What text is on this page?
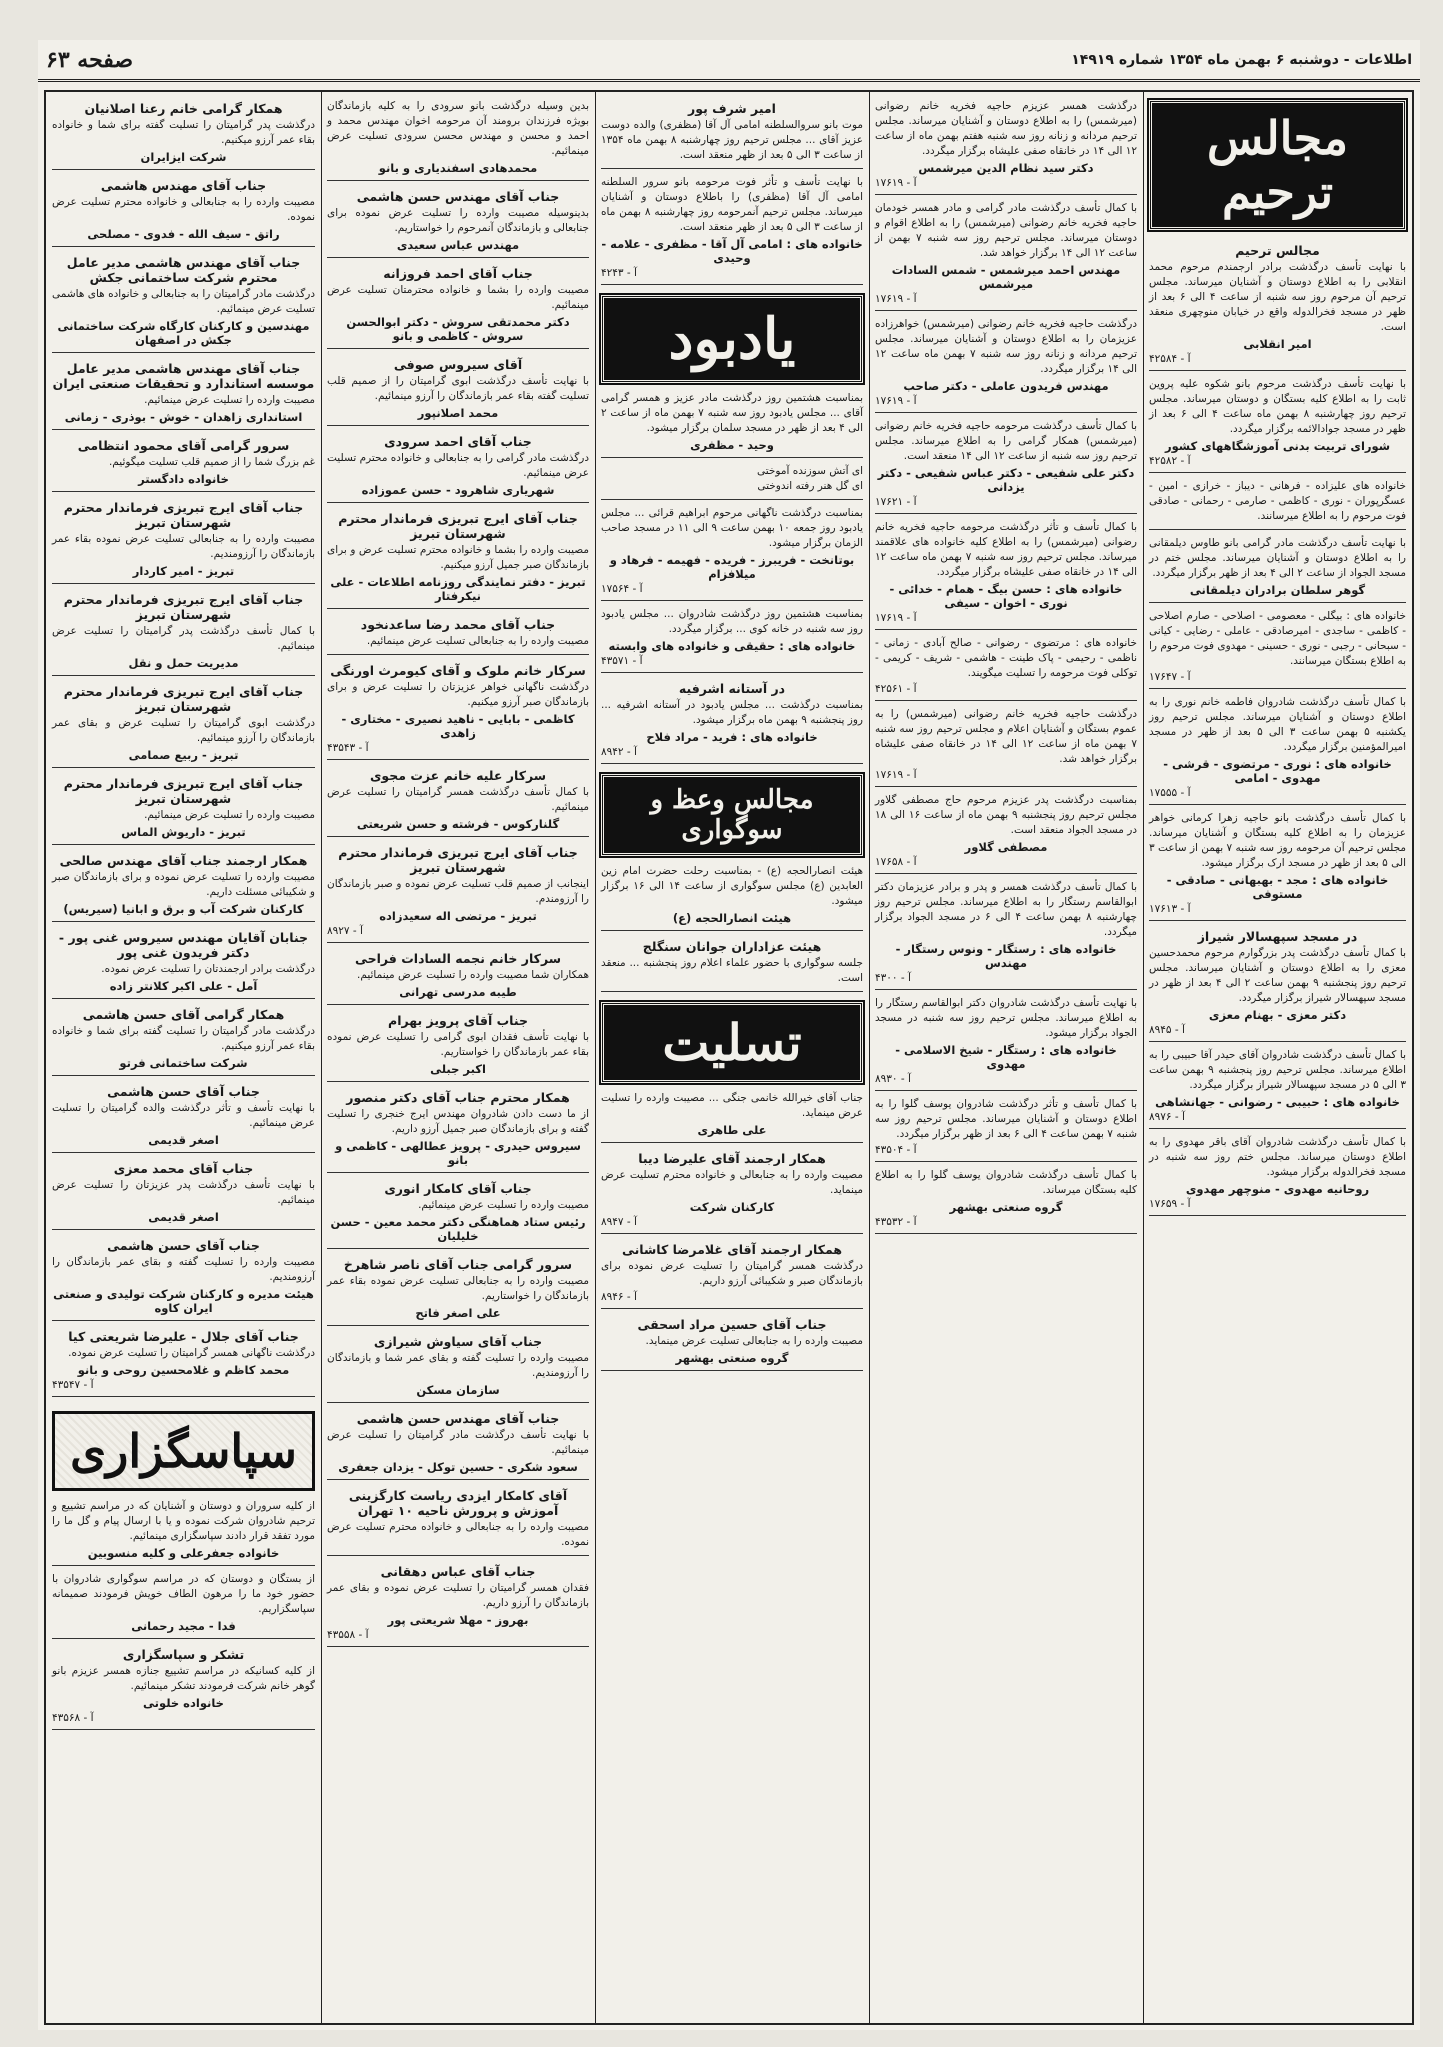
اطلاعات - دوشنبه ۶ بهمن ماه ۱۳۵۴ شماره ۱۴۹۱۹
صفحه ۶۳
مجالس ترحیم
مجالس ترحیم

با نهایت تأسف درگذشت برادر ارجمندم مرحوم محمد انقلابی را به اطلاع دوستان و آشنایان میرساند. مجلس ترحیم آن مرحوم روز سه شنبه از ساعت ۴ الی ۶ بعد از ظهر در مسجد فخرالدوله واقع در خیابان منوچهری منعقد است.

امیر انقلابی
آ - ۴۲۵۸۴

با نهایت تأسف درگذشت مرحوم بانو شکوه علیه پروین ثابت را به اطلاع کلیه بستگان و دوستان میرساند. مجلس ترحیم روز چهارشنبه ۸ بهمن ماه ساعت ۴ الی ۶ بعد از ظهر در مسجد جوادالائمه برگزار میگردد.

شورای تربیت بدنی آموزشگاههای کشور
آ - ۴۲۵۸۲

خانواده های علیزاده - فرهانی - دیباز - خرازی - امین - عسگرپوران - نوری - کاظمی - صارمی - رحمانی - صادقی فوت مرحوم را به اطلاع میرسانند.

با نهایت تأسف درگذشت مادر گرامی بانو طاوس دیلمقانی را به اطلاع دوستان و آشنایان میرساند. مجلس ختم در مسجد الجواد از ساعت ۲ الی ۴ بعد از ظهر برگزار میگردد.

گوهر سلطان برادران دیلمقانی

خانواده های : بیگلی - معصومی - اصلاحی - صارم اصلاحی - کاظمی - ساجدی - امیرصادقی - عاملی - رضایی - کیانی - سبحانی - رجبی - نوری - حسینی - مهدوی فوت مرحوم را به اطلاع بستگان میرسانند.

آ - ۱۷۶۴۷

با کمال تأسف درگذشت شادروان فاطمه خانم نوری را به اطلاع دوستان و آشنایان میرساند. مجلس ترحیم روز یکشنبه ۵ بهمن ساعت ۳ الی ۵ بعد از ظهر در مسجد امیرالمؤمنین برگزار میگردد.

خانواده های : نوری - مرتضوی - قرشی - مهدوی - امامی
آ - ۱۷۵۵۵

با کمال تأسف درگذشت بانو حاجیه زهرا کرمانی خواهر عزیزمان را به اطلاع کلیه بستگان و آشنایان میرساند. مجلس ترحیم آن مرحومه روز سه شنبه ۷ بهمن از ساعت ۳ الی ۵ بعد از ظهر در مسجد ارک برگزار میشود.

خانواده های : مجد - بهبهانی - صادقی - مستوفی
آ - ۱۷۶۱۳
در مسجد سپهسالار شیراز

با کمال تأسف درگذشت پدر بزرگوارم مرحوم محمدحسین معزی را به اطلاع دوستان و آشنایان میرساند. مجلس ترحیم روز پنجشنبه ۹ بهمن ساعت ۲ الی ۴ بعد از ظهر در مسجد سپهسالار شیراز برگزار میگردد.

دکتر معزی - بهنام معزی
آ - ۸۹۴۵

با کمال تأسف درگذشت شادروان آقای حیدر آقا حبیبی را به اطلاع میرساند. مجلس ترحیم روز پنجشنبه ۹ بهمن ساعت ۳ الی ۵ در مسجد سپهسالار شیراز برگزار میگردد.

خانواده های : حبیبی - رضوانی - جهانشاهی
آ - ۸۹۷۶

با کمال تأسف درگذشت شادروان آقای باقر مهدوی را به اطلاع دوستان میرساند. مجلس ختم روز سه شنبه در مسجد فخرالدوله برگزار میشود.

روحانیه مهدوی - منوچهر مهدوی
آ - ۱۷۶۵۹

درگذشت همسر عزیزم حاجیه فخریه خانم رضوانی (میرشمس) را به اطلاع دوستان و آشنایان میرساند. مجلس ترحیم مردانه و زنانه روز سه شنبه هفتم بهمن ماه از ساعت ۱۲ الی ۱۴ در خانقاه صفی علیشاه برگزار میگردد.

دکتر سید نظام الدین میرشمس
آ - ۱۷۶۱۹

با کمال تأسف درگذشت مادر گرامی و مادر همسر خودمان حاجیه فخریه خانم رضوانی (میرشمس) را به اطلاع اقوام و دوستان میرساند. مجلس ترحیم روز سه شنبه ۷ بهمن از ساعت ۱۲ الی ۱۴ برگزار خواهد شد.

مهندس احمد میرشمس - شمس السادات میرشمس
آ - ۱۷۶۱۹

درگذشت حاجیه فخریه خانم رضوانی (میرشمس) خواهرزاده عزیزمان را به اطلاع دوستان و آشنایان میرساند. مجلس ترحیم مردانه و زنانه روز سه شنبه ۷ بهمن ماه ساعت ۱۲ الی ۱۴ برگزار میگردد.

مهندس فریدون عاملی - دکتر صاحب
آ - ۱۷۶۱۹

با کمال تأسف درگذشت مرحومه حاجیه فخریه خانم رضوانی (میرشمس) همکار گرامی را به اطلاع میرساند. مجلس ترحیم روز سه شنبه از ساعت ۱۲ الی ۱۴ منعقد است.

دکتر علی شفیعی - دکتر عباس شفیعی - دکتر یزدانی
آ - ۱۷۶۲۱

با کمال تأسف و تأثر درگذشت مرحومه حاجیه فخریه خانم رضوانی (میرشمس) را به اطلاع کلیه خانواده های علاقمند میرساند. مجلس ترحیم روز سه شنبه ۷ بهمن ماه ساعت ۱۲ الی ۱۴ در خانقاه صفی علیشاه برگزار میگردد.

خانواده های : حسن بیگ - همام - خدائی - نوری - اخوان - سیفی
آ - ۱۷۶۱۹

خانواده های : مرتضوی - رضوانی - صالح آبادی - زمانی - ناظمی - رحیمی - پاک طینت - هاشمی - شریف - کریمی - توکلی فوت مرحومه را تسلیت میگویند.

آ - ۴۲۵۶۱

درگذشت حاجیه فخریه خانم رضوانی (میرشمس) را به عموم بستگان و آشنایان اعلام و مجلس ترحیم روز سه شنبه ۷ بهمن ماه از ساعت ۱۲ الی ۱۴ در خانقاه صفی علیشاه برگزار خواهد شد.

آ - ۱۷۶۱۹

بمناسبت درگذشت پدر عزیزم مرحوم حاج مصطفی گلاور مجلس ترحیم روز پنجشنبه ۹ بهمن ماه از ساعت ۱۶ الی ۱۸ در مسجد الجواد منعقد است.

مصطفی گلاور
آ - ۱۷۶۵۸

با کمال تأسف درگذشت همسر و پدر و برادر عزیزمان دکتر ابوالقاسم رستگار را به اطلاع میرساند. مجلس ترحیم روز چهارشنبه ۸ بهمن ساعت ۴ الی ۶ در مسجد الجواد برگزار میگردد.

خانواده های : رستگار - ونوس رستگار - مهندس
آ - ۴۳۰۰

با نهایت تأسف درگذشت شادروان دکتر ابوالقاسم رستگار را به اطلاع میرساند. مجلس ترحیم روز سه شنبه در مسجد الجواد برگزار میشود.

خانواده های : رستگار - شیخ الاسلامی - مهدوی
آ - ۸۹۳۰

با کمال تأسف و تأثر درگذشت شادروان یوسف گلوا را به اطلاع دوستان و آشنایان میرساند. مجلس ترحیم روز سه شنبه ۷ بهمن ساعت ۴ الی ۶ بعد از ظهر برگزار میگردد.

آ - ۴۳۵۰۴

با کمال تأسف درگذشت شادروان یوسف گلوا را به اطلاع کلیه بستگان میرساند.

گروه صنعتی بهشهر
آ - ۴۳۵۳۲
امیر شرف پور

موت بانو سروالسلطنه امامی آل آقا (مظفری) والده دوست عزیز آقای ... مجلس ترحیم روز چهارشنبه ۸ بهمن ماه ۱۳۵۴ از ساعت ۳ الی ۵ بعد از ظهر منعقد است.

با نهایت تأسف و تأثر فوت مرحومه بانو سرور السلطنه امامی آل آقا (مظفری) را باطلاع دوستان و آشنایان میرساند. مجلس ترحیم آنمرحومه روز چهارشنبه ۸ بهمن ماه از ساعت ۳ الی ۵ بعد از ظهر منعقد است.

خانواده های : امامی آل آقا - مظفری - علامه - وحیدی
آ - ۴۲۴۳
یادبود

بمناسبت هشتمین روز درگذشت مادر عزیز و همسر گرامی آقای ... مجلس یادبود روز سه شنبه ۷ بهمن ماه از ساعت ۲ الی ۴ بعد از ظهر در مسجد سلمان برگزار میشود.

وحید - مظفری

ای آتش سوزنده آموختی
ای گل هنر رفته اندوختی

بمناسبت درگذشت ناگهانی مرحوم ابراهیم قرائی ... مجلس یادبود روز جمعه ۱۰ بهمن ساعت ۹ الی ۱۱ در مسجد صاحب الزمان برگزار میشود.

بوتانخت - فریبرز - فریده - فهیمه - فرهاد و میلافزام
آ - ۱۷۵۶۴

بمناسبت هشتمین روز درگذشت شادروان ... مجلس یادبود روز سه شنبه در خانه کوی ... برگزار میگردد.

خانواده های : حقیقی و خانواده های وابسته
آ - ۴۳۵۷۱
در آستانه اشرفیه

بمناسبت درگذشت ... مجلس یادبود در آستانه اشرفیه ... روز پنجشنبه ۹ بهمن ماه برگزار میشود.

خانواده های : فرید - مراد فلاح
آ - ۸۹۴۲
مجالس وعظ و سوگواری

هیئت انصارالحجه (ع) - بمناسبت رحلت حضرت امام زین العابدین (ع) مجلس سوگواری از ساعت ۱۴ الی ۱۶ برگزار میشود.

هیئت انصارالحجه (ع)
هیئت عزاداران جوانان سنگلج

جلسه سوگواری با حضور علماء اعلام روز پنجشنبه ... منعقد است.

تسلیت

جناب آقای خیرالله خانمی جنگی ... مصیبت وارده را تسلیت عرض مینماید.

علی طاهری
همکار ارجمند آقای علیرضا دیبا

مصیبت وارده را به جنابعالی و خانواده محترم تسلیت عرض مینماید.

کارکنان شرکت
آ - ۸۹۴۷
همکار ارجمند آقای غلامرضا کاشانی

درگذشت همسر گرامیتان را تسلیت عرض نموده برای بازماندگان صبر و شکیبائی آرزو داریم.

آ - ۸۹۴۶
جناب آقای حسین مراد اسحقی

مصیبت وارده را به جنابعالی تسلیت عرض مینماید.

گروه صنعتی بهشهر

بدین وسیله درگذشت بانو سرودی را به کلیه بازماندگان بویژه فرزندان برومند آن مرحومه اخوان مهندس محمد و احمد و محسن و مهندس محسن سرودی تسلیت عرض مینمائیم.

محمدهادی اسفندیاری و بانو
جناب آقای مهندس حسن هاشمی

بدینوسیله مصیبت وارده را تسلیت عرض نموده برای جنابعالی و بازماندگان آنمرحوم را خواستاریم.

مهندس عباس سعیدی
جناب آقای احمد فروزانه

مصیبت وارده را بشما و خانواده محترمتان تسلیت عرض مینمائیم.

دکتر محمدتقی سروش - دکتر ابوالحسن سروش - کاظمی و بانو
آقای سیروس صوفی

با نهایت تأسف درگذشت ابوی گرامیتان را از صمیم قلب تسلیت گفته بقاء عمر بازماندگان را آرزو مینمائیم.

محمد اصلانپور
جناب آقای احمد سرودی

درگذشت مادر گرامی را به جنابعالی و خانواده محترم تسلیت عرض مینمائیم.

شهریاری شاهرود - حسن عموزاده
جناب آقای ایرج تبریزی فرماندار محترم شهرستان تبریز

مصیبت وارده را بشما و خانواده محترم تسلیت عرض و برای بازماندگان صبر جمیل آرزو میکنیم.

تبریز - دفتر نمایندگی روزنامه اطلاعات - علی نیکرفتار
جناب آقای محمد رضا ساعدنخود

مصیبت وارده را به جنابعالی تسلیت عرض مینمائیم.

سرکار خانم ملوک و آقای کیومرث اورنگی

درگذشت ناگهانی خواهر عزیزتان را تسلیت عرض و برای بازماندگان صبر آرزو میکنیم.

کاظمی - بابایی - ناهید نصیری - مختاری - زاهدی
آ - ۴۳۵۴۳
سرکار علیه خانم عزت مجوی

با کمال تأسف درگذشت همسر گرامیتان را تسلیت عرض مینمائیم.

گلنارکوس - فرشته و حسن شریعتی
جناب آقای ایرج تبریزی فرماندار محترم شهرستان تبریز

اینجانب از صمیم قلب تسلیت عرض نموده و صبر بازماندگان را آرزومندم.

تبریز - مرتضی اله سعیدزاده
آ - ۸۹۲۷
سرکار خانم نجمه السادات فراحی

همکاران شما مصیبت وارده را تسلیت عرض مینمائیم.

طیبه مدرسی تهرانی
جناب آقای پرویز بهرام

با نهایت تأسف فقدان ابوی گرامی را تسلیت عرض نموده بقاء عمر بازماندگان را خواستاریم.

اکبر جبلی
همکار محترم جناب آقای دکتر منصور

از ما دست دادن شادروان مهندس ایرج خنجری را تسلیت گفته و برای بازماندگان صبر جمیل آرزو داریم.

سیروس حیدری - پرویز عطالهی - کاظمی و بانو
جناب آقای کامکار انوری

مصیبت وارده را تسلیت عرض مینمائیم.

رئیس ستاد هماهنگی دکتر محمد معین - حسن خلیلیان
سرور گرامی جناب آقای ناصر شاهرخ

مصیبت وارده را به جنابعالی تسلیت عرض نموده بقاء عمر بازماندگان را خواستاریم.

علی اصغر فاتح
جناب آقای سیاوش شیرازی

مصیبت وارده را تسلیت گفته و بقای عمر شما و بازماندگان را آرزومندیم.

سازمان مسکن
جناب آقای مهندس حسن هاشمی

با نهایت تأسف درگذشت مادر گرامیتان را تسلیت عرض مینمائیم.

سعود شکری - حسین توکل - یزدان جعفری
آقای کامکار ایزدی ریاست کارگزینی آموزش و پرورش ناحیه ۱۰ تهران

مصیبت وارده را به جنابعالی و خانواده محترم تسلیت عرض نموده.

جناب آقای عباس دهقانی

فقدان همسر گرامیتان را تسلیت عرض نموده و بقای عمر بازماندگان را آرزو داریم.

بهروز - مهلا شریعتی پور
آ - ۴۳۵۵۸
همکار گرامی خانم رعنا اصلانیان

درگذشت پدر گرامیتان را تسلیت گفته برای شما و خانواده بقاء عمر آرزو میکنیم.

شرکت ایزایران
جناب آقای مهندس هاشمی

مصیبت وارده را به جنابعالی و خانواده محترم تسلیت عرض نموده.

راتق - سیف الله - فدوی - مصلحی
جناب آقای مهندس هاشمی مدیر عامل محترم شرکت ساختمانی جکش

درگذشت مادر گرامیتان را به جنابعالی و خانواده های هاشمی تسلیت عرض مینمائیم.

مهندسین و کارکنان کارگاه شرکت ساختمانی جکش در اصفهان
جناب آقای مهندس هاشمی مدیر عامل موسسه استاندارد و تحقیقات صنعتی ایران

مصیبت وارده را تسلیت عرض مینمائیم.

استانداری زاهدان - خوش - بوذری - زمانی
سرور گرامی آقای محمود انتظامی

غم بزرگ شما را از صمیم قلب تسلیت میگوئیم.

خانواده دادگستر
جناب آقای ایرج تبریزی فرماندار محترم شهرستان تبریز

مصیبت وارده را به جنابعالی تسلیت عرض نموده بقاء عمر بازماندگان را آرزومندیم.

تبریز - امیر کاردار
جناب آقای ایرج تبریزی فرماندار محترم شهرستان تبریز

با کمال تأسف درگذشت پدر گرامیتان را تسلیت عرض مینمائیم.

مدیریت حمل و نقل
جناب آقای ایرج تبریزی فرماندار محترم شهرستان تبریز

درگذشت ابوی گرامیتان را تسلیت عرض و بقای عمر بازماندگان را آرزو مینمائیم.

تبریز - ربیع صمامی
جناب آقای ایرج تبریزی فرماندار محترم شهرستان تبریز

مصیبت وارده را تسلیت عرض مینمائیم.

تبریز - داریوش الماس
همکار ارجمند جناب آقای مهندس صالحی

مصیبت وارده را تسلیت عرض نموده و برای بازماندگان صبر و شکیبائی مسئلت داریم.

کارکنان شرکت آب و برق و ابانیا (سیریس)
جنابان آقایان مهندس سیروس غنی پور - دکتر فریدون غنی پور

درگذشت برادر ارجمندتان را تسلیت عرض نموده.

آمل - علی اکبر کلانتر زاده
همکار گرامی آقای حسن هاشمی

درگذشت مادر گرامیتان را تسلیت گفته برای شما و خانواده بقاء عمر آرزو میکنیم.

شرکت ساختمانی فرتو
جناب آقای حسن هاشمی

با نهایت تأسف و تأثر درگذشت والده گرامیتان را تسلیت عرض مینمائیم.

اصغر قدیمی
جناب آقای محمد معزی

با نهایت تأسف درگذشت پدر عزیزتان را تسلیت عرض مینمائیم.

اصغر قدیمی
جناب آقای حسن هاشمی

مصیبت وارده را تسلیت گفته و بقای عمر بازماندگان را آرزومندیم.

هیئت مدیره و کارکنان شرکت تولیدی و صنعتی ایران کاوه
جناب آقای جلال - علیرضا شریعتی کیا

درگذشت ناگهانی همسر گرامیتان را تسلیت عرض نموده.

محمد کاظم و غلامحسین روحی و بانو
آ - ۴۳۵۴۷
سپاسگزاری

از کلیه سروران و دوستان و آشنایان که در مراسم تشییع و ترحیم شادروان شرکت نموده و یا با ارسال پیام و گل ما را مورد تفقد قرار دادند سپاسگزاری مینمائیم.

خانواده جعفرعلی و کلیه منسوبین

از بستگان و دوستان که در مراسم سوگواری شادروان با حضور خود ما را مرهون الطاف خویش فرمودند صمیمانه سپاسگزاریم.

فدا - مجید رحمانی
تشکر و سپاسگزاری

از کلیه کسانیکه در مراسم تشییع جنازه همسر عزیزم بانو گوهر خانم شرکت فرمودند تشکر مینمائیم.

خانواده خلوتی
آ - ۴۳۵۶۸
